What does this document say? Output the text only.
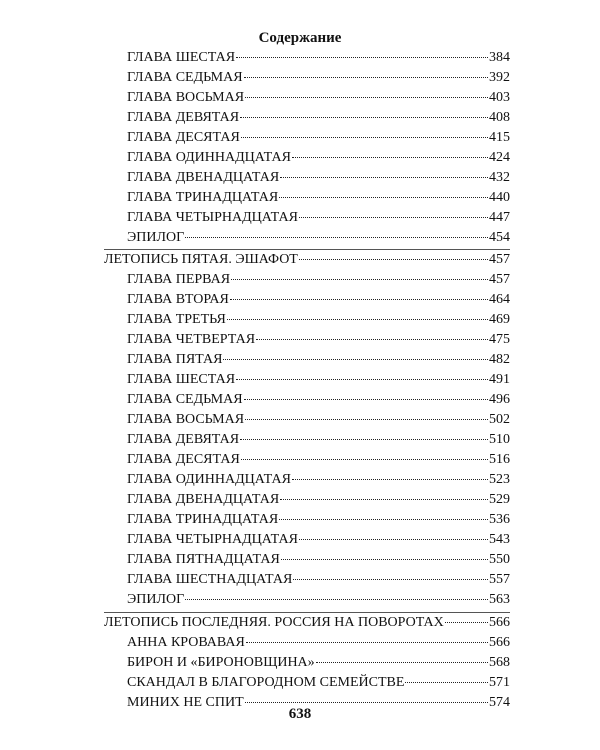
Содержание
ГЛАВА ШЕСТАЯ	384
ГЛАВА СЕДЬМАЯ	392
ГЛАВА ВОСЬМАЯ	403
ГЛАВА ДЕВЯТАЯ	408
ГЛАВА ДЕСЯТАЯ	415
ГЛАВА ОДИННАДЦАТАЯ	424
ГЛАВА ДВЕНАДЦАТАЯ	432
ГЛАВА ТРИНАДЦАТАЯ	440
ГЛАВА ЧЕТЫРНАДЦАТАЯ	447
ЭПИЛОГ	454
ЛЕТОПИСЬ ПЯТАЯ. ЭШАФОТ	457
ГЛАВА ПЕРВАЯ	457
ГЛАВА ВТОРАЯ	464
ГЛАВА ТРЕТЬЯ	469
ГЛАВА ЧЕТВЕРТАЯ	475
ГЛАВА ПЯТАЯ	482
ГЛАВА ШЕСТАЯ	491
ГЛАВА СЕДЬМАЯ	496
ГЛАВА ВОСЬМАЯ	502
ГЛАВА ДЕВЯТАЯ	510
ГЛАВА ДЕСЯТАЯ	516
ГЛАВА ОДИННАДЦАТАЯ	523
ГЛАВА ДВЕНАДЦАТАЯ	529
ГЛАВА ТРИНАДЦАТАЯ	536
ГЛАВА ЧЕТЫРНАДЦАТАЯ	543
ГЛАВА ПЯТНАДЦАТАЯ	550
ГЛАВА ШЕСТНАДЦАТАЯ	557
ЭПИЛОГ	563
ЛЕТОПИСЬ ПОСЛЕДНЯЯ. РОССИЯ НА ПОВОРОТАХ	566
АННА КРОВАВАЯ	566
БИРОН И «БИРОНОВЩИНА»	568
СКАНДАЛ В БЛАГОРОДНОМ СЕМЕЙСТВЕ	571
МИНИХ НЕ СПИТ	574
638
